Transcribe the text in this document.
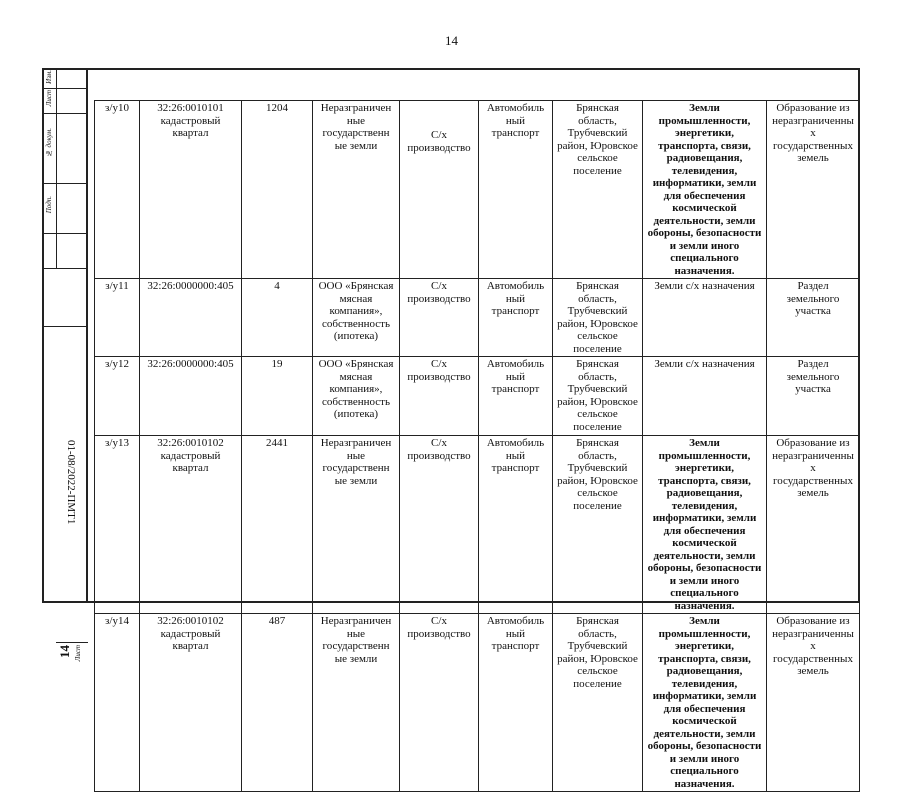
14
Изм.
Лист
№ докум.
Подп.
01-08/2022-ПМТ1
Лист
14
з/у10	32:26:0010101 кадастровый квартал	1204	Неразграничен ные государственн ые земли	С/х производство	Автомобиль ный транспорт	Брянская область, Трубчевский район, Юровское сельское поселение	Земли промышленности, энергетики, транспорта, связи, радиовещания, телевидения, информатики, земли для обеспечения космической деятельности, земли обороны, безопасности и земли иного специального назначения.	Образование из неразграниченны х государственных земель
з/у11	32:26:0000000:405	4	ООО «Брянская мясная компания», собственность (ипотека)	С/х производство	Автомобиль ный транспорт	Брянская область, Трубчевский район, Юровское сельское поселение	Земли с/х назначения	Раздел земельного участка
з/у12	32:26:0000000:405	19	ООО «Брянская мясная компания», собственность (ипотека)	С/х производство	Автомобиль ный транспорт	Брянская область, Трубчевский район, Юровское сельское поселение	Земли с/х назначения	Раздел земельного участка
з/у13	32:26:0010102 кадастровый квартал	2441	Неразграничен ные государственн ые земли	С/х производство	Автомобиль ный транспорт	Брянская область, Трубчевский район, Юровское сельское поселение	Земли промышленности, энергетики, транспорта, связи, радиовещания, телевидения, информатики, земли для обеспечения космической деятельности, земли обороны, безопасности и земли иного специального назначения.	Образование из неразграниченны х государственных земель
з/у14	32:26:0010102 кадастровый квартал	487	Неразграничен ные государственн ые земли	С/х производство	Автомобиль ный транспорт	Брянская область, Трубчевский район, Юровское сельское поселение	Земли промышленности, энергетики, транспорта, связи, радиовещания, телевидения, информатики, земли для обеспечения космической деятельности, земли обороны, безопасности и земли иного специального назначения.	Образование из неразграниченны х государственных земель
